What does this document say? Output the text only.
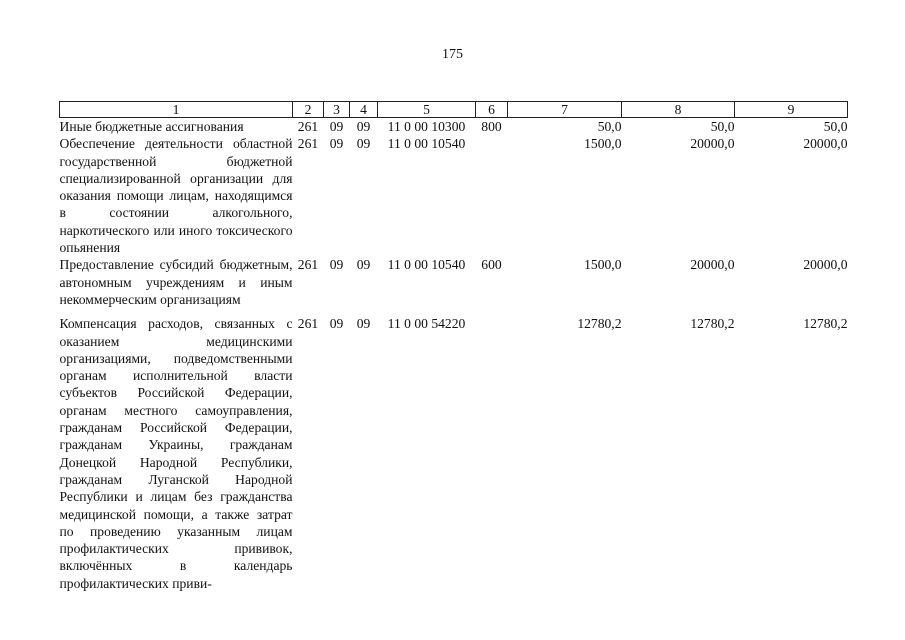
175
1	2	3	4	5	6	7	8	9
Иные бюджетные ассигнования	261	09	09	11 0 00 10300	800	50,0	50,0	50,0
Обеспечение деятельности областной государственной бюджетной специализированной организации для оказания помощи лицам, находящимся в состоянии алкогольного, наркотического или иного токсического опьянения	261	09	09	11 0 00 10540		1500,0	20000,0	20000,0
Предоставление субсидий бюджетным, автономным учреждениям и иным некоммерческим организациям	261	09	09	11 0 00 10540	600	1500,0	20000,0	20000,0
Компенсация расходов, связанных с оказанием медицинскими организациями, подведомственными органам исполнительной власти субъектов Российской Федерации, органам местного самоуправления, гражданам Российской Федерации, гражданам Украины, гражданам Донецкой Народной Республики, гражданам Луганской Народной Республики и лицам без гражданства медицинской помощи, а также затрат по проведению указанным лицам профилактических прививок, включённых в календарь профилактических приви-	261	09	09	11 0 00 54220		12780,2	12780,2	12780,2
